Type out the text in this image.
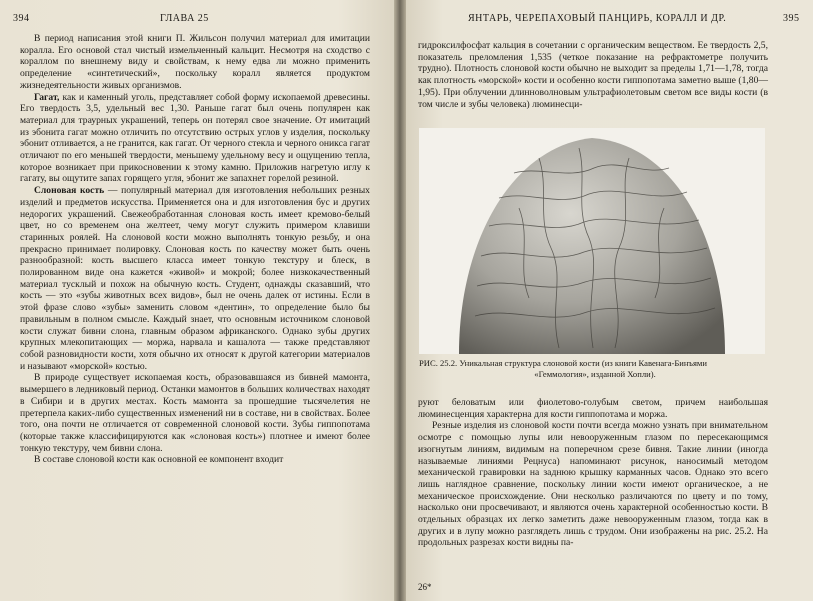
394	ГЛАВА 25

В период написания этой книги П. Жильсон получил материал для имитации коралла. Его основой стал чистый измельченный кальцит. Несмотря на сходство с кораллом по внешнему виду и свойствам, к нему едва ли можно применить определение «синтетический», поскольку коралл является продуктом жизнедеятельности живых организмов.

Гагат, как и каменный уголь, представляет собой форму ископаемой древесины. Его твердость 3,5, удельный вес 1,30. Раньше гагат был очень популярен как материал для траурных украшений, теперь он потерял свое значение. От имитаций из эбонита гагат можно отличить по отсутствию острых углов у изделия, поскольку эбонит отливается, а не гранится, как гагат. От черного стекла и черного оникса гагат отличают по его меньшей твердости, меньшему удельному весу и ощущению тепла, которое возникает при прикосновении к этому камню. Приложив нагретую иглу к гагату, вы ощутите запах горящего угля, эбонит же запахнет горелой резиной.

Слоновая кость — популярный материал для изготовления небольших резных изделий и предметов искусства. Применяется она и для изготовления бус и других недорогих украшений. Свежеобработанная слоновая кость имеет кремово-белый цвет, но со временем она желтеет, чему могут служить примером клавиши старинных роялей. На слоновой кости можно выполнять тонкую резьбу, и она прекрасно принимает полировку. Слоновая кость по качеству может быть очень разнообразной: кость высшего класса имеет тонкую текстуру и блеск, в полированном виде она кажется «живой» и мокрой; более низкокачественный материал тусклый и похож на обычную кость. Студент, однажды сказавший, что кость — это «зубы животных всех видов», был не очень далек от истины. Если в этой фразе слово «зубы» заменить словом «дентин», то определение было бы правильным в полном смысле. Каждый знает, что основным источником слоновой кости служат бивни слона, главным образом африканского. Однако зубы других крупных млекопитающих — моржа, нарвала и кашалота — также представляют собой разновидности кости, хотя обычно их относят к другой категории материалов и называют «морской» костью.

В природе существует ископаемая кость, образовавшаяся из бивней мамонта, вымершего в ледниковый период. Останки мамонтов в больших количествах находят в Сибири и в других местах. Кость мамонта за прошедшие тысячелетия не претерпела каких-либо существенных изменений ни в составе, ни в свойствах. Более того, она почти не отличается от современной слоновой кости. Зубы гиппопотама (которые также классифицируются как «слоновая кость») плотнее и имеют более тонкую текстуру, чем бивни слона.

В составе слоновой кости как основной ее компонент входит

ЯНТАРЬ, ЧЕРЕПАХОВЫЙ ПАНЦИРЬ, КОРАЛЛ И ДР.	395

гидроксилфосфат кальция в сочетании с органическим веществом. Ее твердость 2,5, показатель преломления 1,535 (четкое показание на рефрактометре получить трудно). Плотность слоновой кости обычно не выходит за пределы 1,71—1,78, тогда как плотность «морской» кости и особенно кости гиппопотама заметно выше (1,80—1,95). При облучении длинноволновым ультрафиолетовым светом все виды кости (в том числе и зубы человека) люминесци-

РИС. 25.2. Уникальная структура слоновой кости (из книги Кавенага-Бинъями
«Геммология», изданной Хопли).

руют беловатым или фиолетово-голубым светом, причем наибольшая люминесценция характерна для кости гиппопотама и моржа.

Резные изделия из слоновой кости почти всегда можно узнать при внимательном осмотре с помощью лупы или невооруженным глазом по пересекающимся изогнутым линиям, видимым на поперечном срезе бивня. Такие линии (иногда называемые линиями Рецнуса) напоминают рисунок, наносимый методом механической гравировки на заднюю крышку карманных часов. Однако это всего лишь наглядное сравнение, поскольку линии кости имеют органическое, а не механическое происхождение. Они несколько различаются по цвету и по тому, насколько они просвечивают, и являются очень характерной особенностью кости. В отдельных образцах их легко заметить даже невооруженным глазом, тогда как в других и в лупу можно разглядеть лишь с трудом. Они изображены на рис. 25.2. На продольных разрезах кости видны па-

26*
